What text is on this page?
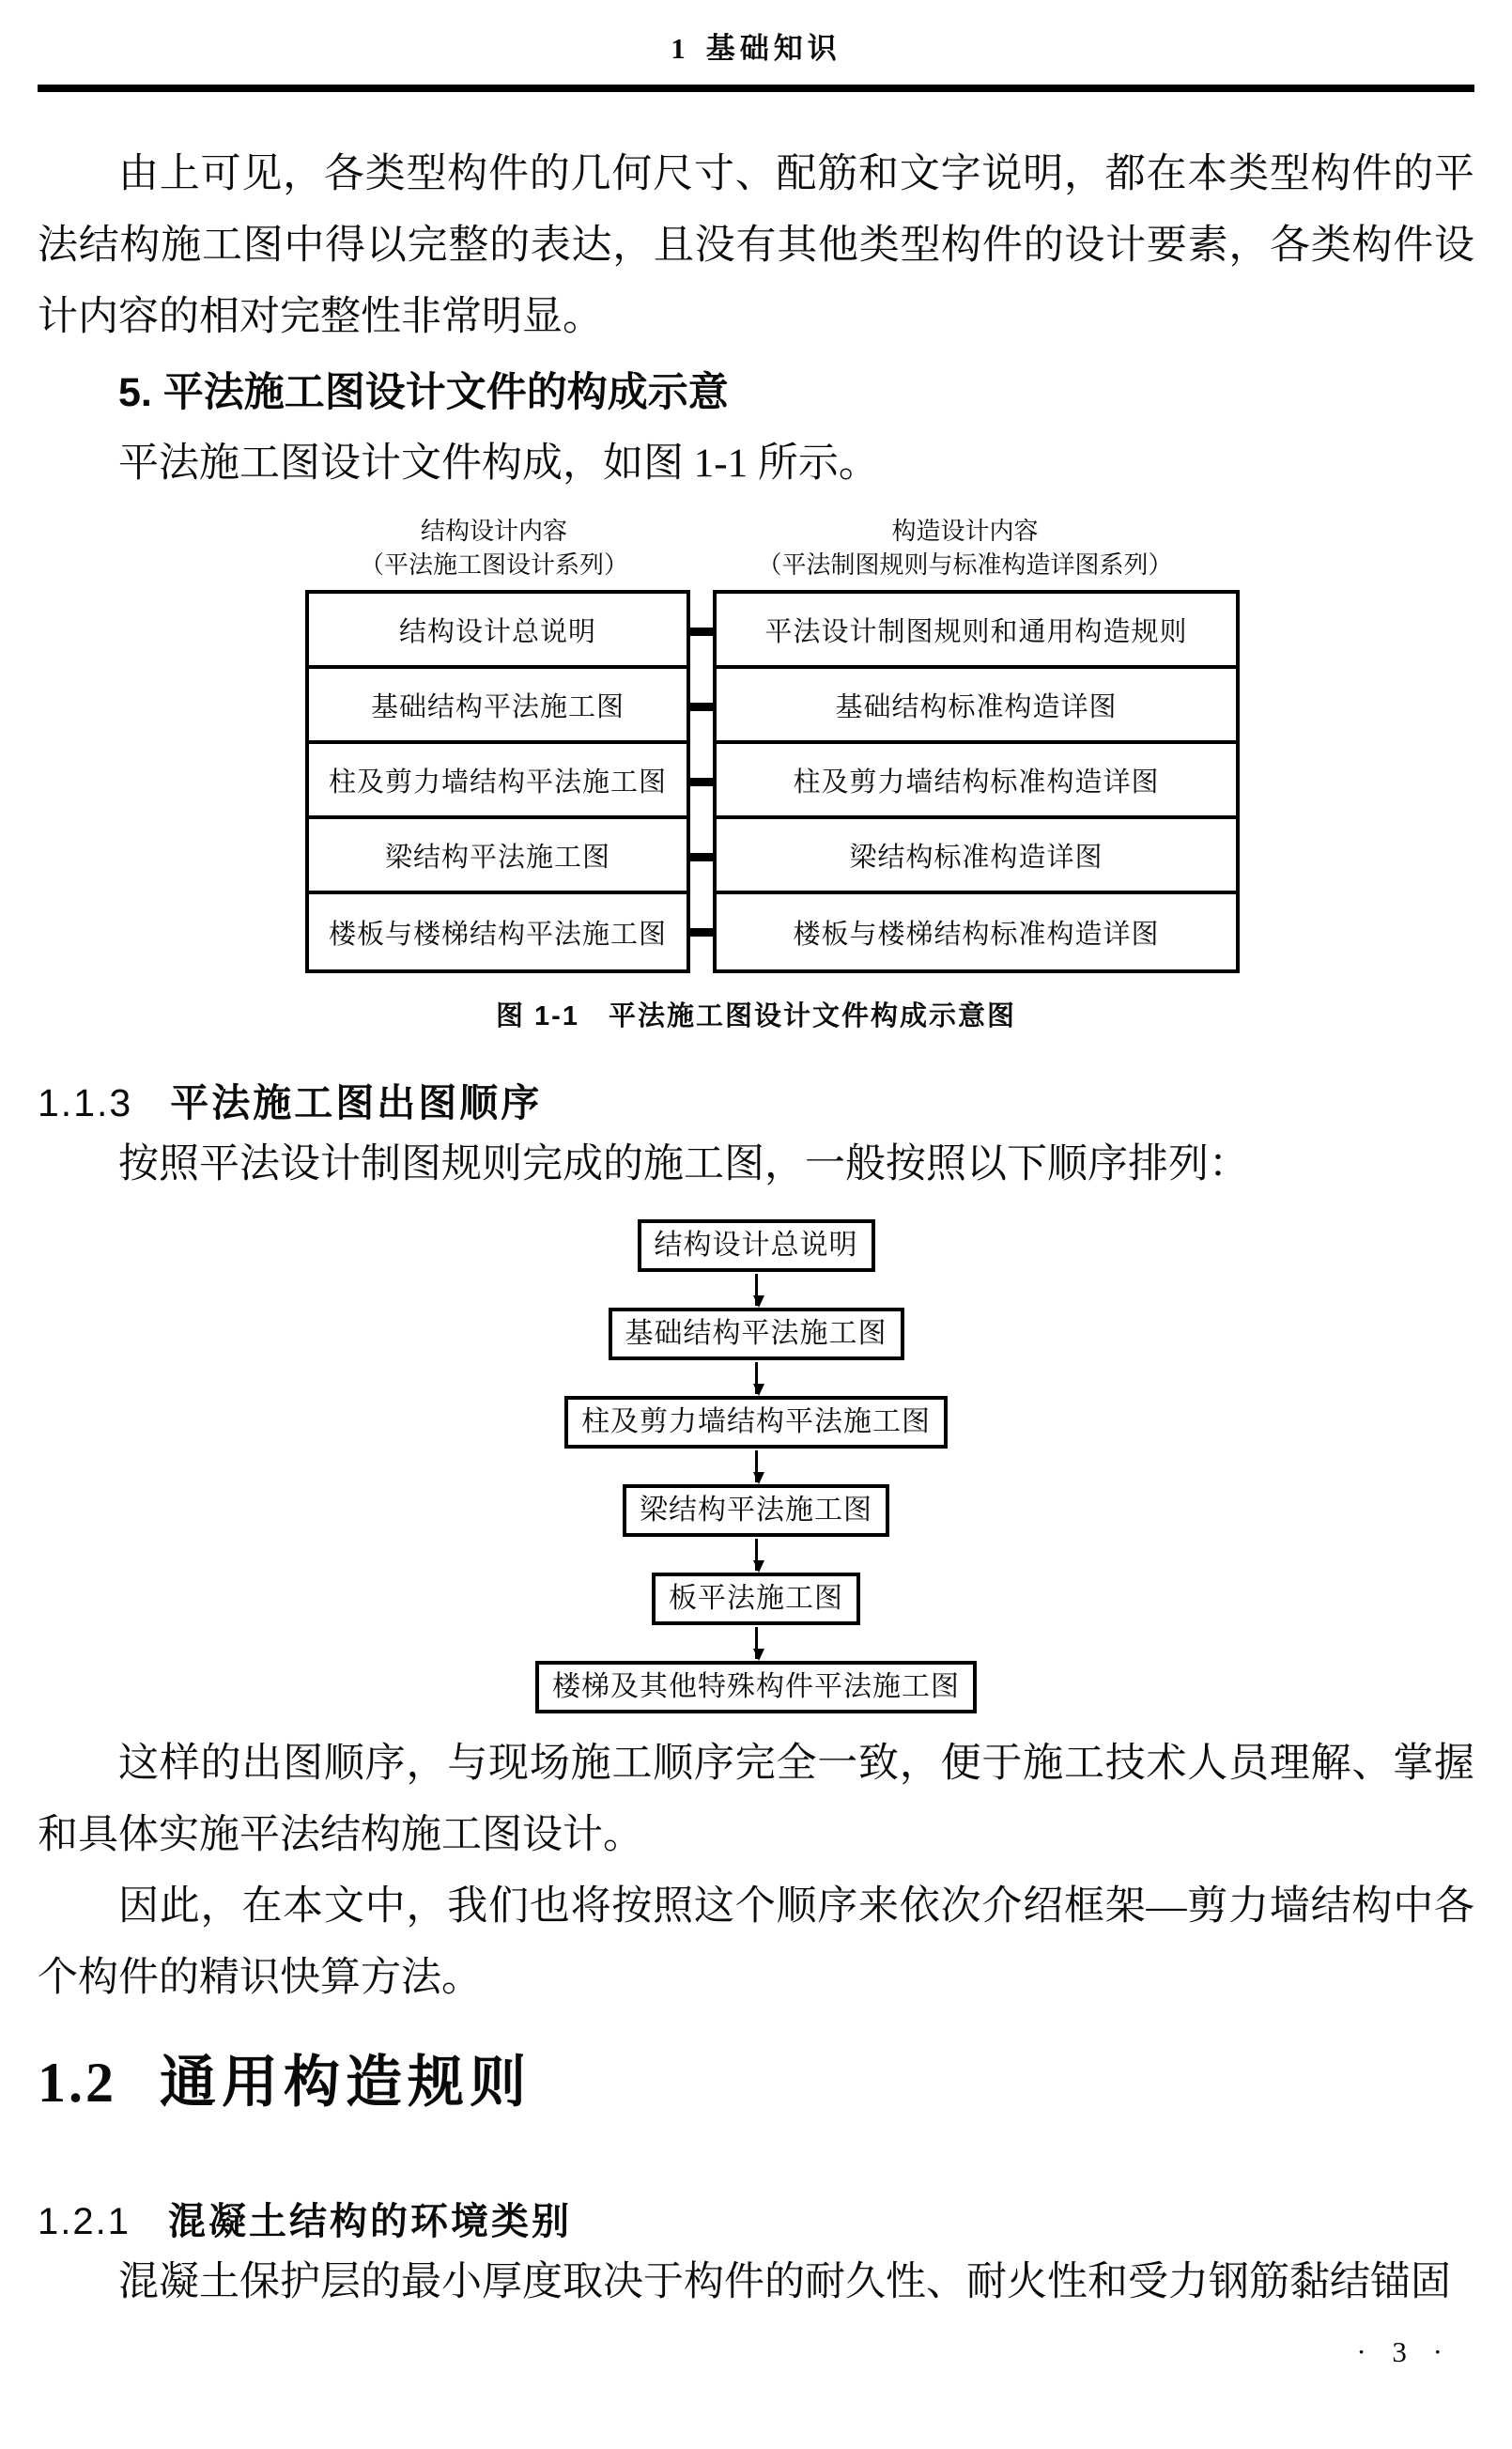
1 基础知识

由上可见，各类型构件的几何尺寸、配筋和文字说明，都在本类型构件的平法结构施工图中得以完整的表达，且没有其他类型构件的设计要素，各类构件设计内容的相对完整性非常明显。

5. 平法施工图设计文件的构成示意

平法施工图设计文件构成，如图 1-1 所示。

结构设计内容
（平法施工图设计系列）
构造设计内容
（平法制图规则与标准构造详图系列）
结构设计总说明
基础结构平法施工图
柱及剪力墙结构平法施工图
梁结构平法施工图
楼板与楼梯结构平法施工图
平法设计制图规则和通用构造规则
基础结构标准构造详图
柱及剪力墙结构标准构造详图
梁结构标准构造详图
楼板与楼梯结构标准构造详图
图 1-1　平法施工图设计文件构成示意图
1.1.3 平法施工图出图顺序

按照平法设计制图规则完成的施工图，一般按照以下顺序排列：

结构设计总说明
基础结构平法施工图
柱及剪力墙结构平法施工图
梁结构平法施工图
板平法施工图
楼梯及其他特殊构件平法施工图

这样的出图顺序，与现场施工顺序完全一致，便于施工技术人员理解、掌握和具体实施平法结构施工图设计。

因此，在本文中，我们也将按照这个顺序来依次介绍框架—剪力墙结构中各个构件的精识快算方法。

1.2 通用构造规则
1.2.1 混凝土结构的环境类别

混凝土保护层的最小厚度取决于构件的耐久性、耐火性和受力钢筋黏结锚固

· 3 ·
